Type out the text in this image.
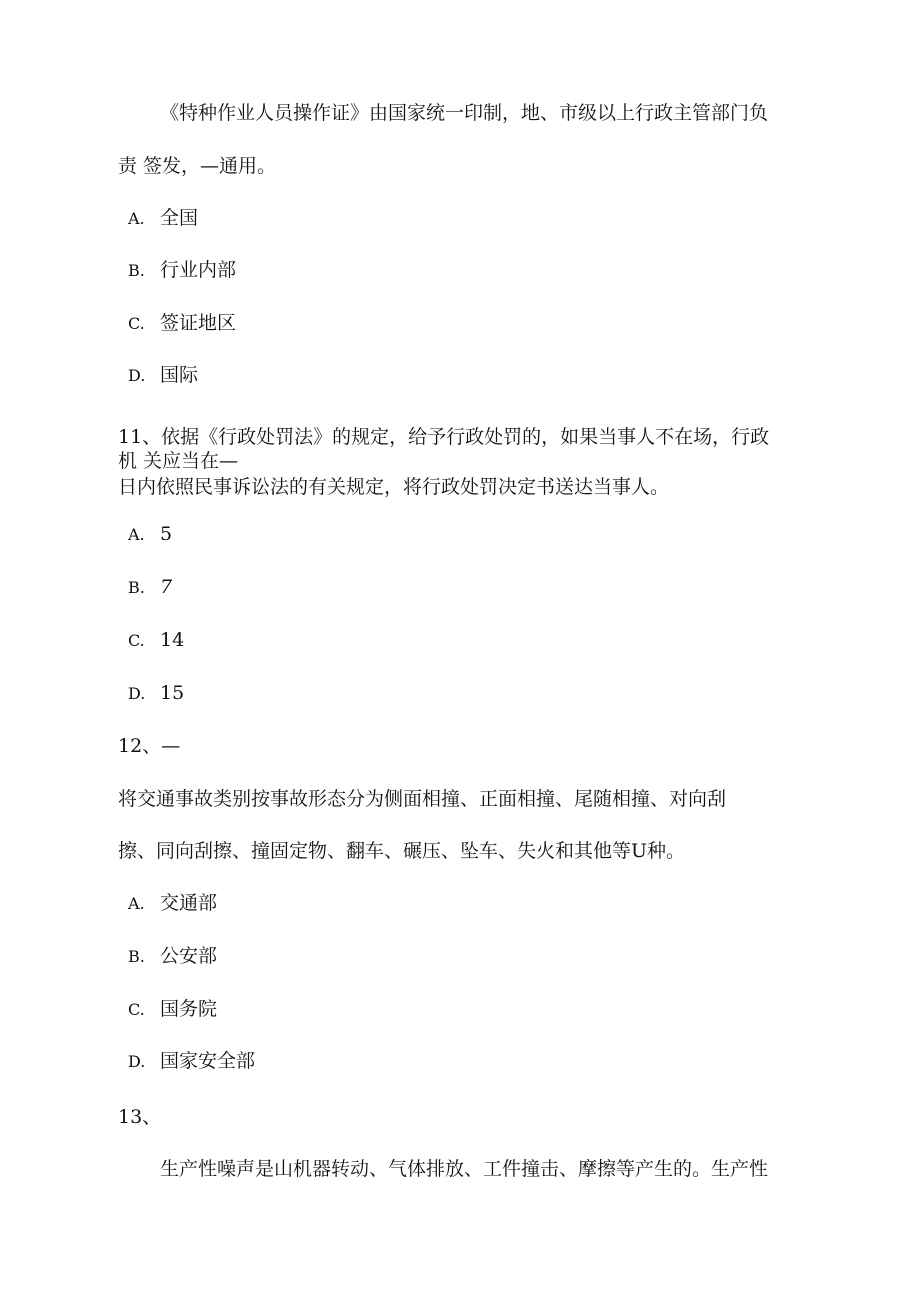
《特种作业人员操作证》由国家统一印制，地、市级以上行政主管部门负
责 签发，—通用。
A. 全国
B. 行业内部
C. 签证地区
D. 国际
11、依据《行政处罚法》的规定，给予行政处罚的，如果当事人不在场，行政
机 关应当在—
日内依照民事诉讼法的有关规定，将行政处罚决定书送达当事人。
A. 5
B. 7
C. 14
D. 15
12、—
将交通事故类别按事故形态分为侧面相撞、正面相撞、尾随相撞、对向刮
擦、同向刮擦、撞固定物、翻车、碾压、坠车、失火和其他等U种。
A. 交通部
B. 公安部
C. 国务院
D. 国家安全部
13、
生产性噪声是山机器转动、气体排放、工件撞击、摩擦等产生的。生产性
